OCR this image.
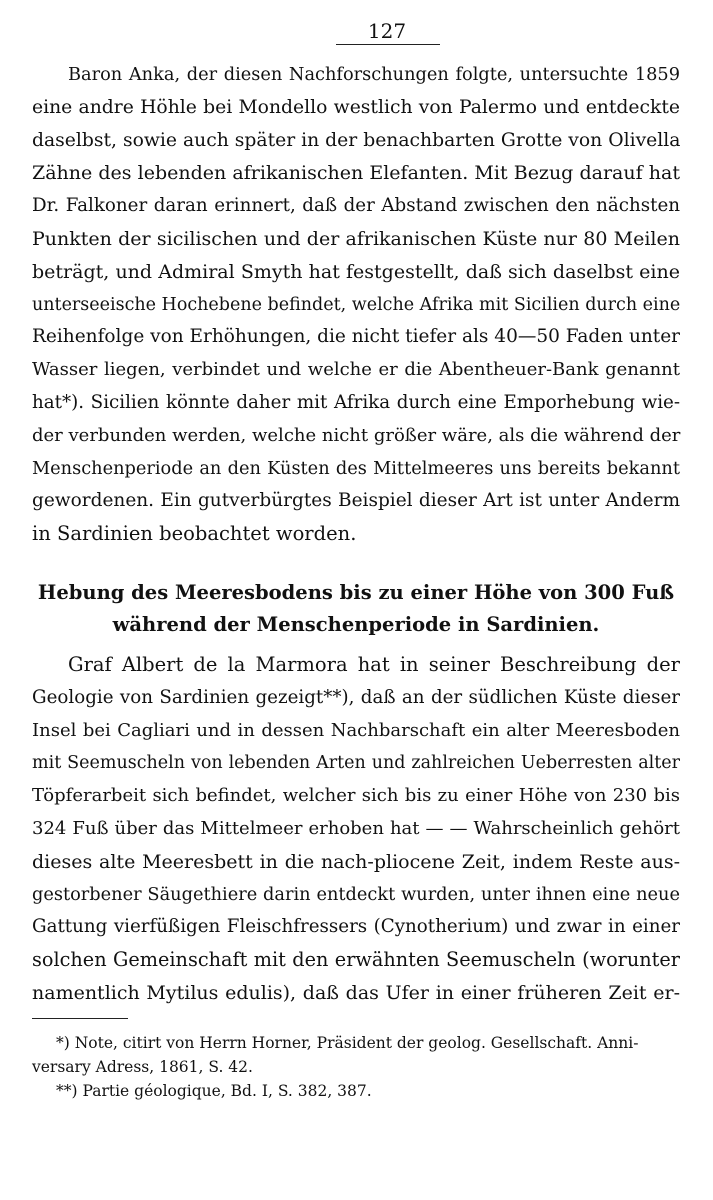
127

Baron Anka, der diesen Nachforschungen folgte, untersuchte 1859
eine andre Höhle bei Mondello westlich von Palermo und entdeckte
daselbst, sowie auch später in der benachbarten Grotte von Olivella
Zähne des lebenden afrikanischen Elefanten. Mit Bezug darauf hat
Dr. Falkoner daran erinnert, daß der Abstand zwischen den nächsten
Punkten der sicilischen und der afrikanischen Küste nur 80 Meilen
beträgt, und Admiral Smyth hat festgestellt, daß sich daselbst eine
unterseeische Hochebene befindet, welche Afrika mit Sicilien durch eine
Reihenfolge von Erhöhungen, die nicht tiefer als 40—50 Faden unter
Wasser liegen, verbindet und welche er die Abentheuer-Bank genannt
hat*). Sicilien könnte daher mit Afrika durch eine Emporhebung wie-
der verbunden werden, welche nicht größer wäre, als die während der
Menschenperiode an den Küsten des Mittelmeeres uns bereits bekannt
gewordenen. Ein gutverbürgtes Beispiel dieser Art ist unter Anderm
in Sardinien beobachtet worden.

Hebung des Meeresbodens bis zu einer Höhe von 300 Fuß
während der Menschenperiode in Sardinien.

Graf Albert de la Marmora hat in seiner Beschreibung der
Geologie von Sardinien gezeigt**), daß an der südlichen Küste dieser
Insel bei Cagliari und in dessen Nachbarschaft ein alter Meeresboden
mit Seemuscheln von lebenden Arten und zahlreichen Ueberresten alter
Töpferarbeit sich befindet, welcher sich bis zu einer Höhe von 230 bis
324 Fuß über das Mittelmeer erhoben hat — — Wahrscheinlich gehört
dieses alte Meeresbett in die nach-pliocene Zeit, indem Reste aus-
gestorbener Säugethiere darin entdeckt wurden, unter ihnen eine neue
Gattung vierfüßigen Fleischfressers (Cynotherium) und zwar in einer
solchen Gemeinschaft mit den erwähnten Seemuscheln (worunter
namentlich Mytilus edulis), daß das Ufer in einer früheren Zeit er-

*) Note, citirt von Herrn Horner, Präsident der geolog. Gesellschaft. Anni-
versary Adress, 1861, S. 42.
**) Partie géologique, Bd. I, S. 382, 387.
